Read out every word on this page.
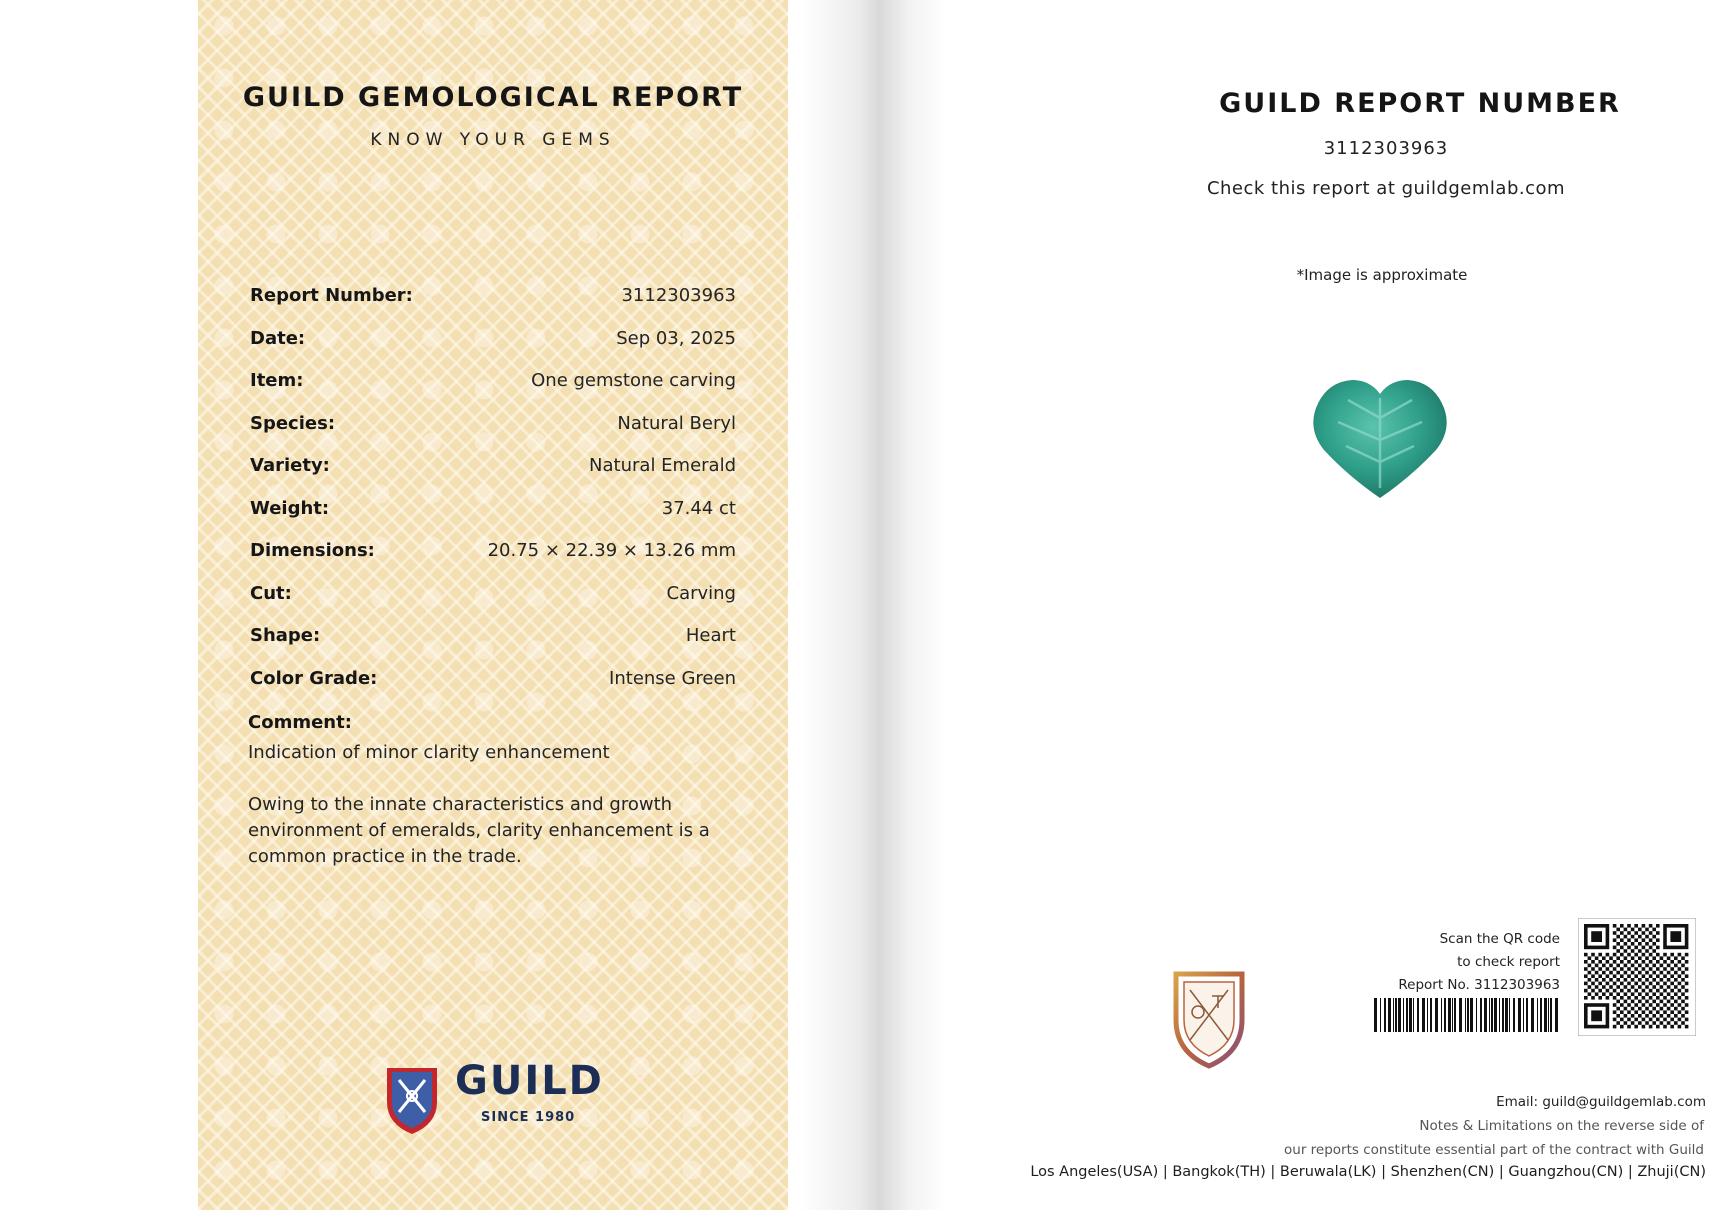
GUILD GEMOLOGICAL REPORT
KNOW YOUR GEMS
Report Number:	3112303963
Date:	Sep 03, 2025
Item:	One gemstone carving
Species:	Natural Beryl
Variety:	Natural Emerald
Weight:	37.44 ct
Dimensions:	20.75 × 22.39 × 13.26 mm
Cut:	Carving
Shape:	Heart
Color Grade:	Intense Green
Comment:
Indication of minor clarity enhancement
Owing to the innate characteristics and growth environment of emeralds, clarity enhancement is a common practice in the trade.
GUILD
SINCE 1980
GUILD REPORT NUMBER
3112303963
Check this report at guildgemlab.com
*Image is approximate
Scan the QR code
to check report
Report No. 3112303963
Email: guild@guildgemlab.com
Notes & Limitations on the reverse side of
our reports constitute essential part of the contract with Guild
Los Angeles(USA) | Bangkok(TH) | Beruwala(LK) | Shenzhen(CN) | Guangzhou(CN) | Zhuji(CN)
